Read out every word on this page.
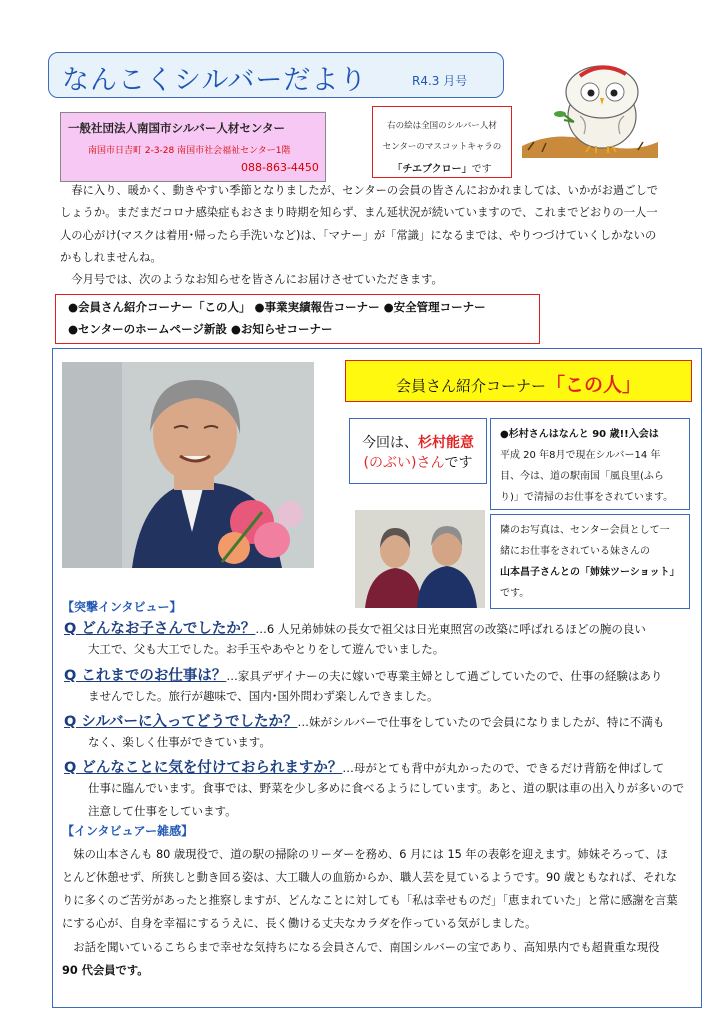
なんこくシルバーだより	R4.3 月号
一般社団法人南国市シルバー人材センター
南国市日吉町 2-3-28 南国市社会福祉センター1階
088-863-4450
右の絵は全国のシルバー人材
センターのマスコットキャラの
「チエブクロー」です
　春に入り、暖かく、動きやすい季節となりましたが、センターの会員の皆さんにおかれましては、いかがお過ごしで
しょうか。まだまだコロナ感染症もおさまり時期を知らず、まん延状況が続いていますので、これまでどおりの一人一
人の心がけ(マスクは着用･帰ったら手洗いなど)は、「マナー」が「常識」になるまでは、やりつづけていくしかないの
かもしれませんね。
　今月号では、次のようなお知らせを皆さんにお届けさせていただきます。
●会員さん紹介コーナー「この人」 ●事業実績報告コーナー ●安全管理コーナー
●センターのホームページ新設 ●お知らせコーナー
会員さん紹介コーナー「この人」
今回は、杉村能意
(のぶい)さんです
●杉村さんはなんと 90 歳!!入会は
平成 20 年8月で現在シルバー14 年
目、今は、道の駅南国「風良里(ふら
り)」で清掃のお仕事をされています。
隣のお写真は、センター会員として一
緒にお仕事をされている妹さんの
山本昌子さんとの「姉妹ツーショット」
です。
【突撃インタビュー】
Q どんなお子さんでしたか？…6 人兄弟姉妹の長女で祖父は日光東照宮の改築に呼ばれるほどの腕の良い
大工で、父も大工でした。お手玉やあやとりをして遊んでいました。
Q これまでのお仕事は？…家具デザイナーの夫に嫁いで専業主婦として過ごしていたので、仕事の経験はあり
ませんでした。旅行が趣味で、国内･国外問わず楽しんできました。
Q シルバーに入ってどうでしたか？…妹がシルバーで仕事をしていたので会員になりましたが、特に不満も
なく、楽しく仕事ができています。
Q どんなことに気を付けておられますか？…母がとても背中が丸かったので、できるだけ背筋を伸ばして
仕事に臨んでいます。食事では、野菜を少し多めに食べるようにしています。あと、道の駅は車の出入りが多いので
注意して仕事をしています。
【インタビュアー雑感】
　妹の山本さんも 80 歳現役で、道の駅の掃除のリーダーを務め、6 月には 15 年の表彰を迎えます。姉妹そろって、ほ
とんど休憩せず、所狭しと動き回る姿は、大工職人の血筋からか、職人芸を見ているようです。90 歳ともなれば、それな
りに多くのご苦労があったと推察しますが、どんなことに対しても「私は幸せものだ」「恵まれていた」と常に感謝を言葉
にする心が、自身を幸福にするうえに、長く働ける丈夫なカラダを作っている気がしました。
　お話を聞いているこちらまで幸せな気持ちになる会員さんで、南国シルバーの宝であり、高知県内でも超貴重な現役
90 代会員です。
